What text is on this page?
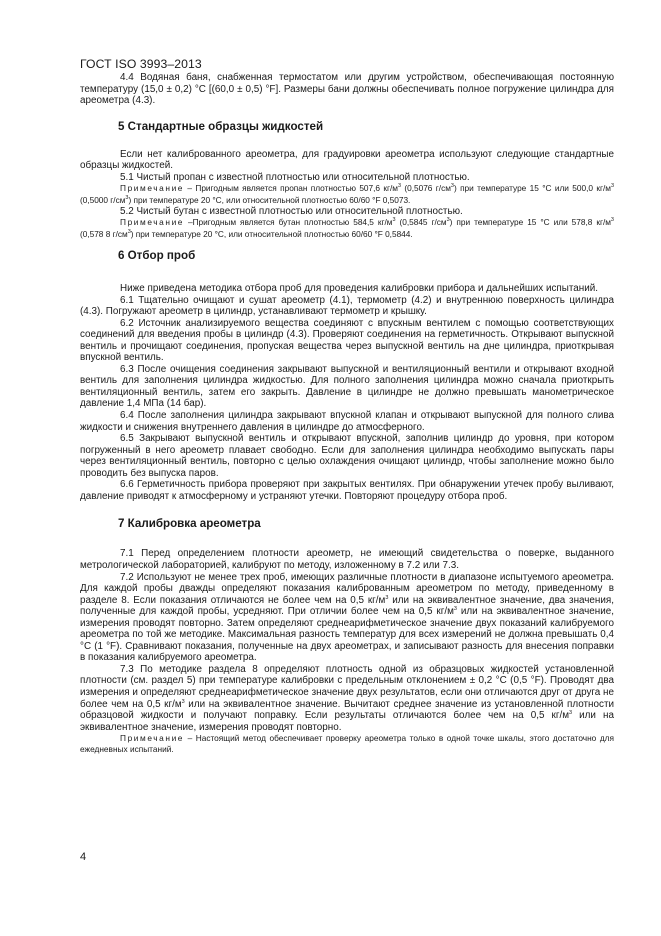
ГОСТ ISO 3993–2013

4.4 Водяная баня, снабженная термостатом или другим устройством, обеспечивающая постоянную температуру (15,0 ± 0,2) °С [(60,0 ± 0,5) °F]. Размеры бани должны обеспечивать полное погружение цилиндра для ареометра (4.3).

5 Стандартные образцы жидкостей

Если нет калиброванного ареометра, для градуировки ареометра используют следующие стандартные образцы жидкостей.

5.1 Чистый пропан с известной плотностью или относительной плотностью.

Примечание – Пригодным является пропан плотностью 507,6 $кг/м^3$ (0,5076 $г/см^3$) при температуре 15 °С или 500,0 $кг/м^3$ (0,5000 $г/см^3$) при температуре 20 °С, или относительной плотностью 60/60 °F 0,5073.

5.2 Чистый бутан с известной плотностью или относительной плотностью.

Примечание –Пригодным является бутан плотностью 584,5 $кг/м^3$ (0,5845 $г/см^3$) при температуре 15 °С или 578,8 $кг/м^3$ (0,578 8 $г/см^3$) при температуре 20 °С, или относительной плотностью 60/60 °F 0,5844.

6 Отбор проб

Ниже приведена методика отбора проб для проведения калибровки прибора и дальнейших испытаний.

6.1 Тщательно очищают и сушат ареометр (4.1), термометр (4.2) и внутреннюю поверхность цилиндра (4.3). Погружают ареометр в цилиндр, устанавливают термометр и крышку.

6.2 Источник анализируемого вещества соединяют с впускным вентилем с помощью соответствующих соединений для введения пробы в цилиндр (4.3). Проверяют соединения на герметичность. Открывают выпускной вентиль и прочищают соединения, пропуская вещества через выпускной вентиль на дне цилиндра, приоткрывая впускной вентиль.

6.3 После очищения соединения закрывают выпускной и вентиляционный вентили и открывают входной вентиль для заполнения цилиндра жидкостью. Для полного заполнения цилиндра можно сначала приоткрыть вентиляционный вентиль, затем его закрыть. Давление в цилиндре не должно превышать манометрическое давление 1,4 МПа (14 бар).

6.4 После заполнения цилиндра закрывают впускной клапан и открывают выпускной для полного слива жидкости и снижения внутреннего давления в цилиндре до атмосферного.

6.5 Закрывают выпускной вентиль и открывают впускной, заполнив цилиндр до уровня, при котором погруженный в него ареометр плавает свободно. Если для заполнения цилиндра необходимо выпускать пары через вентиляционный вентиль, повторно с целью охлаждения очищают цилиндр, чтобы заполнение можно было проводить без выпуска паров.

6.6 Герметичность прибора проверяют при закрытых вентилях. При обнаружении утечек пробу выливают, давление приводят к атмосферному и устраняют утечки. Повторяют процедуру отбора проб.

7 Калибровка ареометра

7.1 Перед определением плотности ареометр, не имеющий свидетельства о поверке, выданного метрологической лабораторией, калибруют по методу, изложенному в 7.2 или 7.3.

7.2 Используют не менее трех проб, имеющих различные плотности в диапазоне испытуемого ареометра. Для каждой пробы дважды определяют показания калиброванным ареометром по методу, приведенному в разделе 8. Если показания отличаются не более чем на 0,5 $кг/м^3$ или на эквивалентное значение, два значения, полученные для каждой пробы, усредняют. При отличии более чем на 0,5 $кг/м^3$ или на эквивалентное значение, измерения проводят повторно. Затем определяют среднеарифметическое значение двух показаний калибруемого ареометра по той же методике. Максимальная разность температур для всех измерений не должна превышать 0,4 °С (1 °F). Сравнивают показания, полученные на двух ареометрах, и записывают разность для внесения поправки в показания калибруемого ареометра.

7.3 По методике раздела 8 определяют плотность одной из образцовых жидкостей установленной плотности (см. раздел 5) при температуре калибровки с предельным отклонением ± 0,2 °С (0,5 °F). Проводят два измерения и определяют среднеарифметическое значение двух результатов, если они отличаются друг от друга не более чем на 0,5 $кг/м^3$ или на эквивалентное значение. Вычитают среднее значение из установленной плотности образцовой жидкости и получают поправку. Если результаты отличаются более чем на 0,5 $кг/м^3$ или на эквивалентное значение, измерения проводят повторно.

Примечание – Настоящий метод обеспечивает проверку ареометра только в одной точке шкалы, этого достаточно для ежедневных испытаний.

4
